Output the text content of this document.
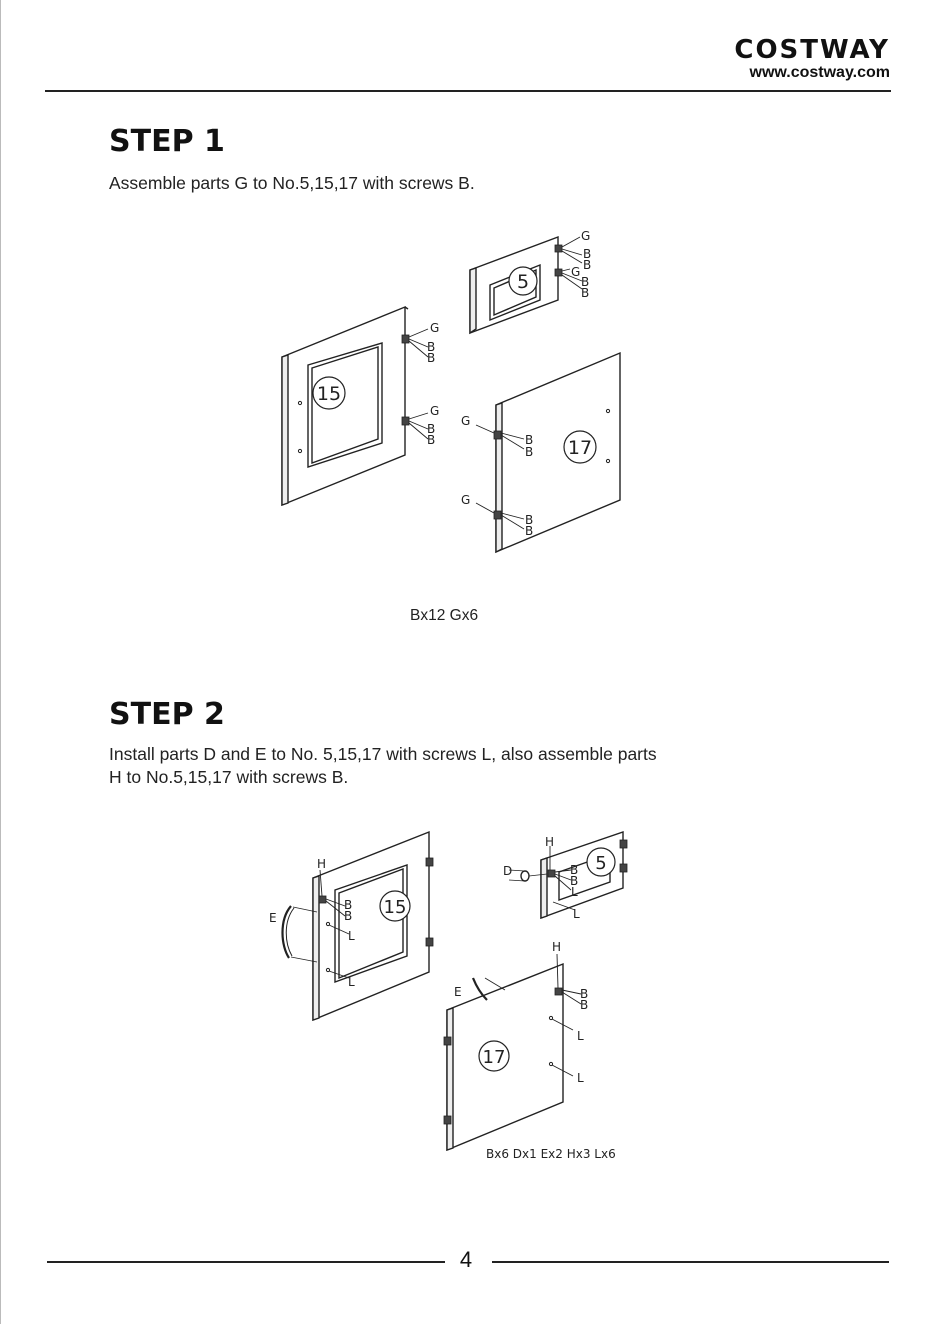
COSTWAY
www.costway.com
STEP 1
Assemble parts G to No.5,15,17 with screws B.
5
15
17
G
B
B
G
B
B
G
B
B
G
B
B
G
B
B
G
B
B
Bx12 Gx6
STEP 2
Install parts D and E to No. 5,15,17 with screws L, also assemble parts
H to No.5,15,17 with screws B.
15
5
17
H
B
B
L
L
E
H
D	B
B
L
L
H
E	B
B
L
L
Bx6 Dx1 Ex2 Hx3 Lx6
4
